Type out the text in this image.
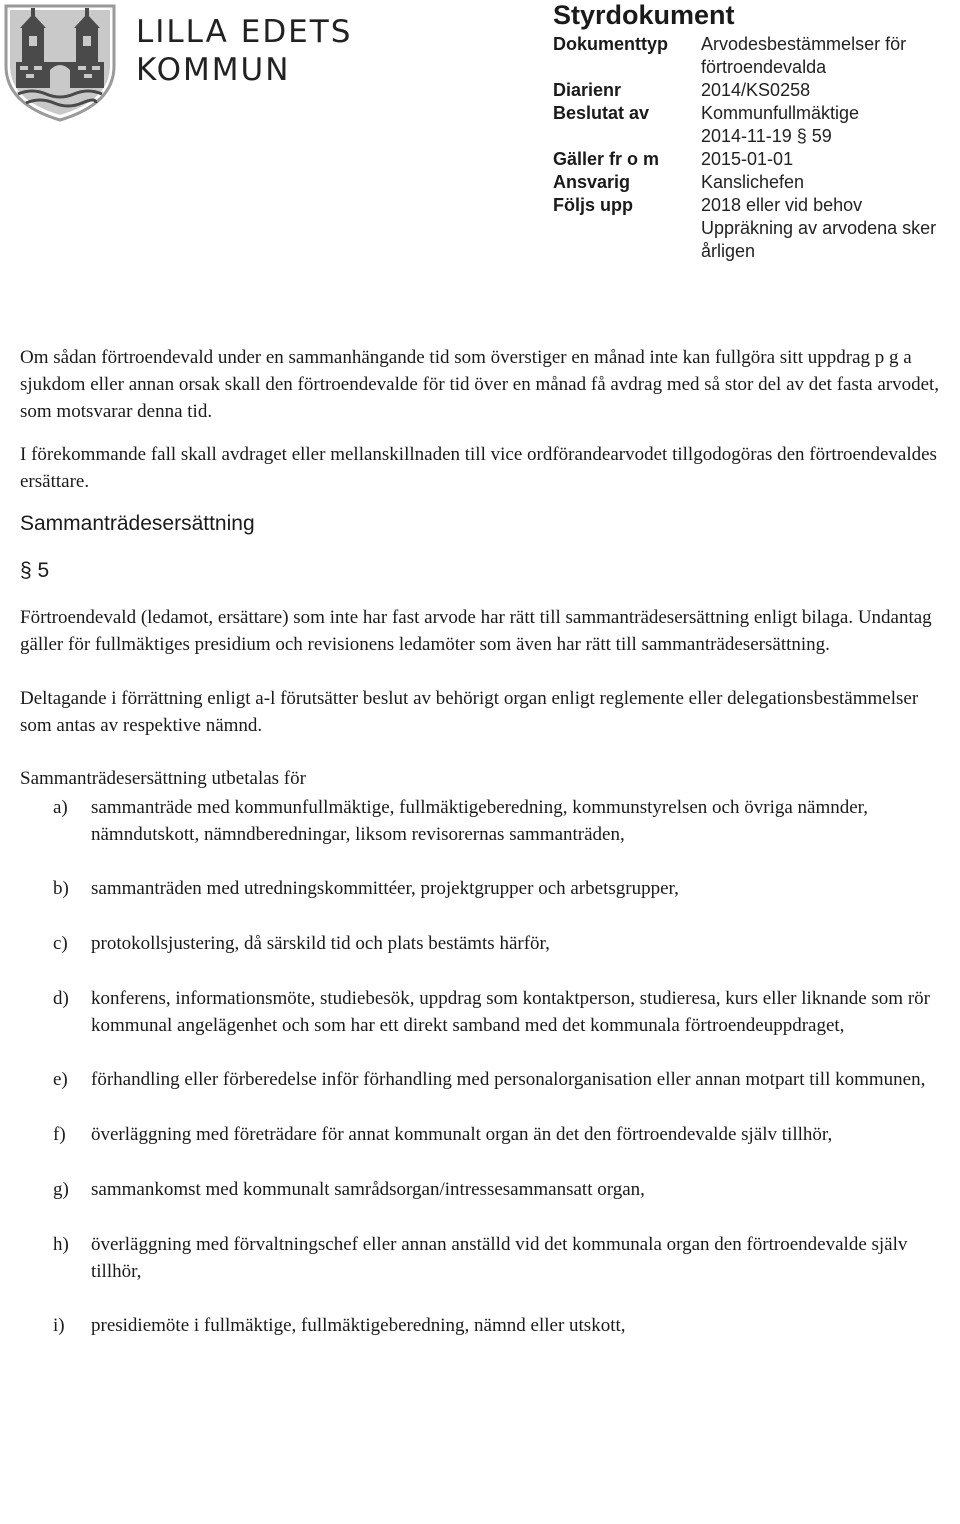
LILLA EDETS
KOMMUN
Styrdokument
Dokumenttyp	Arvodesbestämmelser för
förtroendevalda

Diarienr	2014/KS0258

Beslutat av	Kommunfullmäktige
2014-11-19 § 59

Gäller fr o m	2015-01-01

Ansvarig	Kanslichefen

Följs upp	2018 eller vid behov
Uppräkning av arvodena sker
årligen

Om sådan förtroendevald under en sammanhängande tid som överstiger en månad inte kan fullgöra sitt uppdrag p g a sjukdom eller annan orsak skall den förtroendevalde för tid över en månad få avdrag med så stor del av det fasta arvodet, som motsvarar denna tid.

I förekommande fall skall avdraget eller mellanskillnaden till vice ordförandearvodet tillgodogöras den förtroendevaldes ersättare.

Sammanträdesersättning

§ 5

Förtroendevald (ledamot, ersättare) som inte har fast arvode har rätt till sammanträdesersättning enligt bilaga. Undantag gäller för fullmäktiges presidium och revisionens ledamöter som även har rätt till sammanträdesersättning.

Deltagande i förrättning enligt a-l förutsätter beslut av behörigt organ enligt reglemente eller delegationsbestämmelser som antas av respektive nämnd.

Sammanträdesersättning utbetalas för

a) sammanträde med kommunfullmäktige, fullmäktigeberedning, kommunstyrelsen och övriga nämnder, nämndutskott, nämndberedningar, liksom revisorernas sammanträden,
b) sammanträden med utredningskommittéer, projektgrupper och arbetsgrupper,
c) protokollsjustering, då särskild tid och plats bestämts härför,
d) konferens, informationsmöte, studiebesök, uppdrag som kontaktperson, studieresa, kurs eller liknande som rör kommunal angelägenhet och som har ett direkt samband med det kommunala förtroendeuppdraget,
e) förhandling eller förberedelse inför förhandling med personalorganisation eller annan motpart till kommunen,
f) överläggning med företrädare för annat kommunalt organ än det den förtroendevalde själv tillhör,
g) sammankomst med kommunalt samrådsorgan/intressesammansatt organ,
h) överläggning med förvaltningschef eller annan anställd vid det kommunala organ den förtroendevalde själv tillhör,
i) presidiemöte i fullmäktige, fullmäktigeberedning, nämnd eller utskott,
